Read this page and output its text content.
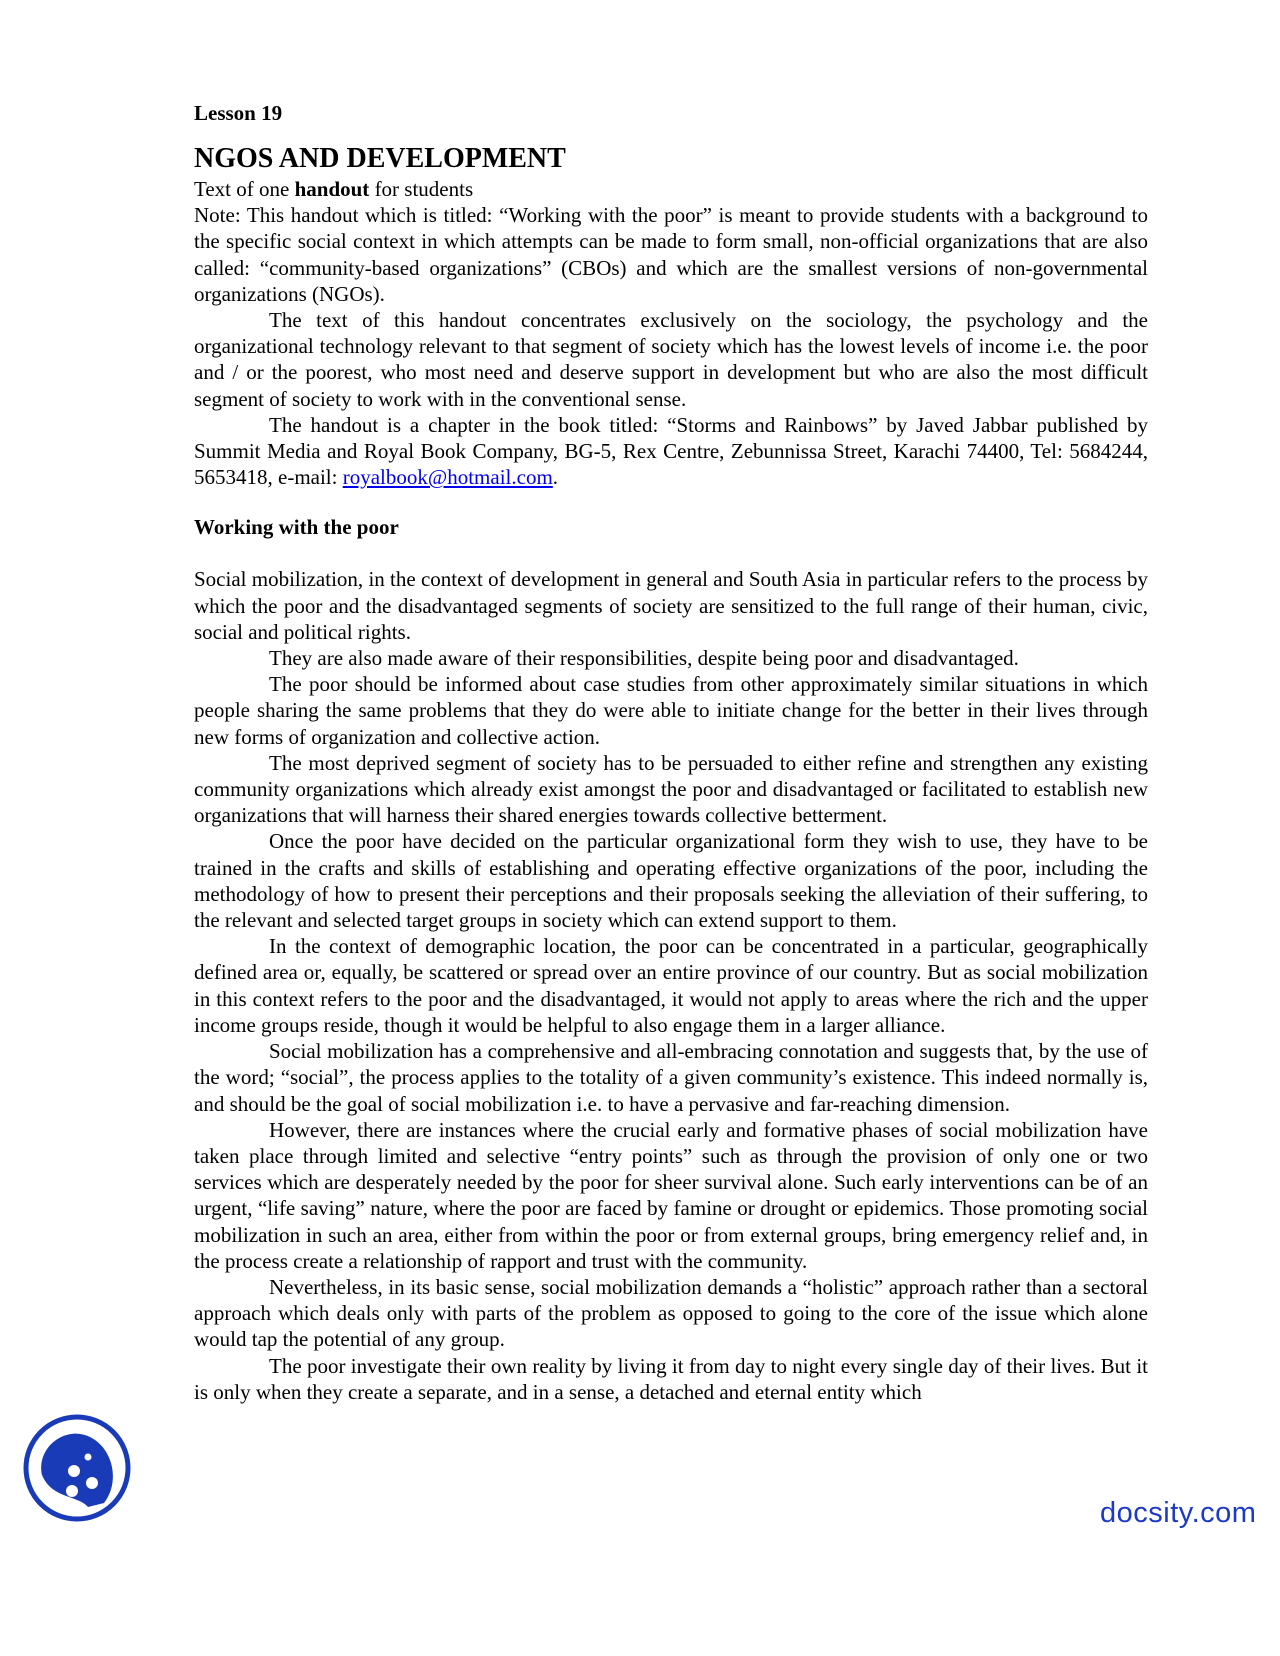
Lesson 19

NGOS AND DEVELOPMENT

Text of one handout for students

Note: This handout which is titled: “Working with the poor” is meant to provide students with a background to the specific social context in which attempts can be made to form small, non-official organizations that are also called: “community-based organizations” (CBOs) and which are the smallest versions of non-governmental organizations (NGOs).

The text of this handout concentrates exclusively on the sociology, the psychology and the organizational technology relevant to that segment of society which has the lowest levels of income i.e. the poor and / or the poorest, who most need and deserve support in development but who are also the most difficult segment of society to work with in the conventional sense.

The handout is a chapter in the book titled: “Storms and Rainbows” by Javed Jabbar published by Summit Media and Royal Book Company, BG-5, Rex Centre, Zebunnissa Street, Karachi 74400, Tel: 5684244, 5653418, e-mail: royalbook@hotmail.com.

Working with the poor

Social mobilization, in the context of development in general and South Asia in particular refers to the process by which the poor and the disadvantaged segments of society are sensitized to the full range of their human, civic, social and political rights.

They are also made aware of their responsibilities, despite being poor and disadvantaged.

The poor should be informed about case studies from other approximately similar situations in which people sharing the same problems that they do were able to initiate change for the better in their lives through new forms of organization and collective action.

The most deprived segment of society has to be persuaded to either refine and strengthen any existing community organizations which already exist amongst the poor and disadvantaged or facilitated to establish new organizations that will harness their shared energies towards collective betterment.

Once the poor have decided on the particular organizational form they wish to use, they have to be trained in the crafts and skills of establishing and operating effective organizations of the poor, including the methodology of how to present their perceptions and their proposals seeking the alleviation of their suffering, to the relevant and selected target groups in society which can extend support to them.

In the context of demographic location, the poor can be concentrated in a particular, geographically defined area or, equally, be scattered or spread over an entire province of our country. But as social mobilization in this context refers to the poor and the disadvantaged, it would not apply to areas where the rich and the upper income groups reside, though it would be helpful to also engage them in a larger alliance.

Social mobilization has a comprehensive and all-embracing connotation and suggests that, by the use of the word; “social”, the process applies to the totality of a given community’s existence. This indeed normally is, and should be the goal of social mobilization i.e. to have a pervasive and far-reaching dimension.

However, there are instances where the crucial early and formative phases of social mobilization have taken place through limited and selective “entry points” such as through the provision of only one or two services which are desperately needed by the poor for sheer survival alone. Such early interventions can be of an urgent, “life saving” nature, where the poor are faced by famine or drought or epidemics. Those promoting social mobilization in such an area, either from within the poor or from external groups, bring emergency relief and, in the process create a relationship of rapport and trust with the community.

Nevertheless, in its basic sense, social mobilization demands a “holistic” approach rather than a sectoral approach which deals only with parts of the problem as opposed to going to the core of the issue which alone would tap the potential of any group.

The poor investigate their own reality by living it from day to night every single day of their lives. But it is only when they create a separate, and in a sense, a detached and eternal entity which

docsity.com
